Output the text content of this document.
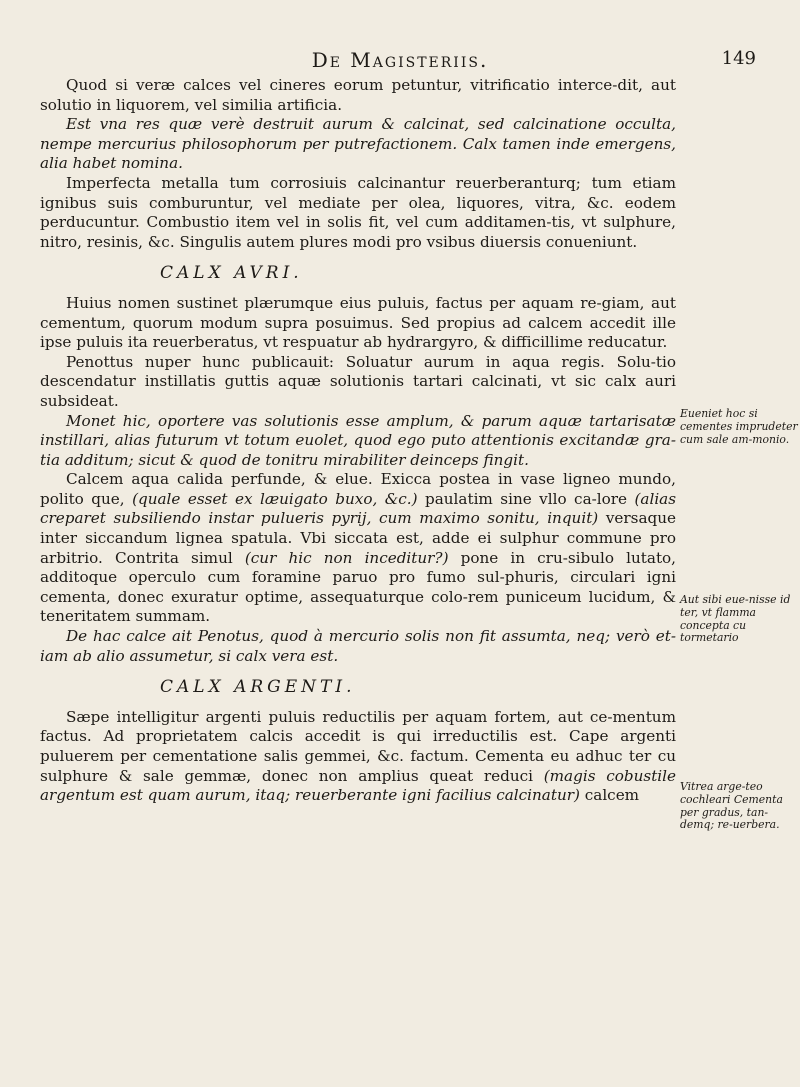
De Magisteriis.	149

Quod si veræ calces vel cineres eorum petuntur, vitrificatio interce-dit, aut solutio in liquorem, vel similia artificia.

Est vna res quæ verè destruit aurum & calcinat, sed calcinatione occulta, nempe mercurius philosophorum per putrefactionem. Calx tamen inde emergens, alia habet nomina.

Imperfecta metalla tum corrosiuis calcinantur reuerberanturq; tum etiam ignibus suis comburuntur, vel mediate per olea, liquores, vitra, &c. eodem perducuntur. Combustio item vel in solis fit, vel cum additamen-tis, vt sulphure, nitro, resinis, &c. Singulis autem plures modi pro vsibus diuersis conueniunt.

CALX AVRI.

Huius nomen sustinet plærumque eius puluis, factus per aquam re-giam, aut cementum, quorum modum supra posuimus. Sed propius ad calcem accedit ille ipse puluis ita reuerberatus, vt respuatur ab hydrargyro, & difficillime reducatur.

Penottus nuper hunc publicauit: Soluatur aurum in aqua regis. Solu-tio descendatur instillatis guttis aquæ solutionis tartari calcinati, vt sic calx auri subsideat.

Monet hic, oportere vas solutionis esse amplum, & parum aquæ tartarisatæ instillari, alias futurum vt totum euolet, quod ego puto attentionis excitandæ gra-tia additum; sicut & quod de tonitru mirabiliter deinceps fingit.

Calcem aqua calida perfunde, & elue. Exicca postea in vase ligneo mundo, polito que, (quale esset ex læuigato buxo, &c.) paulatim sine vllo ca-lore (alias creparet subsiliendo instar pulueris pyrij, cum maximo sonitu, inquit) versaque inter siccandum lignea spatula. Vbi siccata est, adde ei sulphur commune pro arbitrio. Contrita simul (cur hic non inceditur?) pone in cru-sibulo lutato, additoque operculo cum foramine paruo pro fumo sul-phuris, circulari igni cementa, donec exuratur optime, assequaturque colo-rem puniceum lucidum, & teneritatem summam.

De hac calce ait Penotus, quod à mercurio solis non fit assumta, neq; verò et-iam ab alio assumetur, si calx vera est.

CALX ARGENTI.

Sæpe intelligitur argenti puluis reductilis per aquam fortem, aut ce-mentum factus. Ad proprietatem calcis accedit is qui irreductilis est. Cape argenti puluerem per cementatione salis gemmei, &c. factum. Cementa eu adhuc ter cu sulphure & sale gemmæ, donec non amplius queat reduci (magis cobustile argentum est quam aurum, itaq; reuerberante igni facilius calcinatur) calcem

Eueniet hoc si cementes imprudeter cum sale am-monio.
Aut sibi eue-nisse id ter, vt flamma concepta cu tormetario
Vitrea arge-teo cochleari Cementa per gradus, tan-demq; re-uerbera.
